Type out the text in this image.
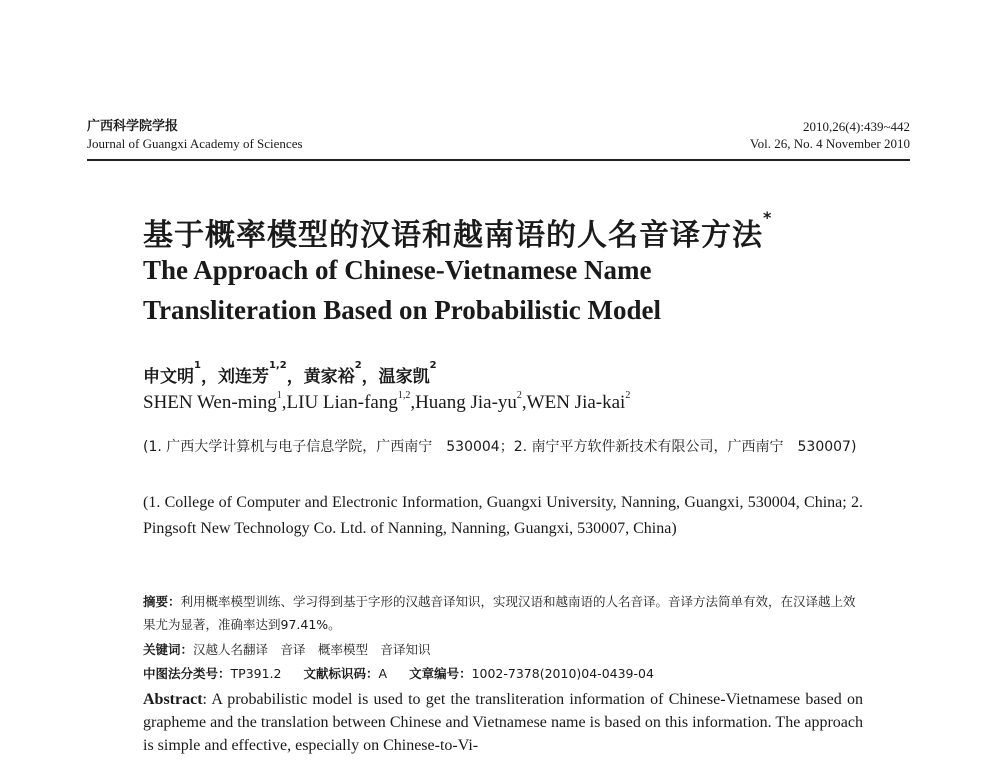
广西科学院学报
Journal of Guangxi Academy of Sciences
2010,26(4):439~442
Vol. 26, No. 4 November 2010
基于概率模型的汉语和越南语的人名音译方法*
The Approach of Chinese-Vietnamese Name
Transliteration Based on Probabilistic Model
申文明$^1$，刘连芳$^{1,2}$，黄家裕$^2$，温家凯$^2$
SHEN Wen-ming$^1$,LIU Lian-fang$^{1,2}$,Huang Jia-$yu^2,WEN$ Jia-kai$^2$
(1. 广西大学计算机与电子信息学院，广西南宁　530004；2. 南宁平方软件新技术有限公司，广西南宁　530007)
(1. College of Computer and Electronic Information, Guangxi University, Nanning, Guangxi, 530004, China; 2. Pingsoft New Technology Co. Ltd. of Nanning, Nanning, Guangxi, 530007, China)
摘要：利用概率模型训练、学习得到基于字形的汉越音译知识，实现汉语和越南语的人名音译。音译方法简单有效，在汉译越上效果尤为显著，准确率达到97.41%。
关键词：汉越人名翻译　音译　概率模型　音译知识
中图法分类号：TP391.2 文献标识码：A 文章编号：1002-7378(2010)04-0439-04
Abstract: A probabilistic model is used to get the transliteration information of Chinese-Vietnamese based on grapheme and the translation between Chinese and Vietnamese name is based on this information. The approach is simple and effective, especially on Chinese-to-Vi-
